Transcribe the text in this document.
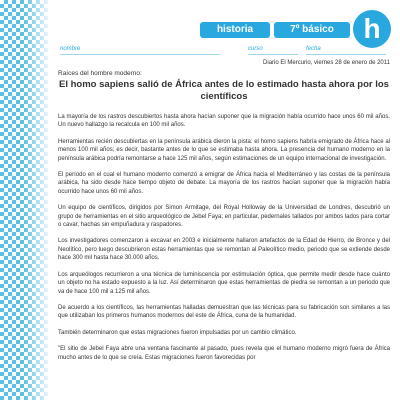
historia	7º básico	h
nombre	curso	fecha
Diario El Mercurio, viernes 28 de enero de 2011
Raíces del hombre moderno:
El homo sapiens salió de África antes de lo estimado hasta ahora por los científicos

La mayoría de los rastros descubiertos hasta ahora hacían suponer que la migración había ocurrido hace unos 60 mil años. Un nuevo hallazgo la recalcula en 100 mil años.

Herramientas recién descubiertas en la península arábica dieron la pista: el homo sapiens habría emigrado de África hace al menos 100 mil años; es decir, bastante antes de lo que se estimaba hasta ahora. La presencia del humano moderno en la península arábica podría remontarse a hace 125 mil años, según estimaciones de un equipo internacional de investigación.

El período en el cual el humano moderno comenzó a emigrar de África hacia el Mediterráneo y las costas de la península arábica, ha sido desde hace tiempo objeto de debate. La mayoría de los rastros hacían suponer que la migración había ocurrido hace unos 60 mil años.

Un equipo de científicos, dirigidos por Simon Armitage, del Royal Holloway de la Universidad de Londres, descubrió un grupo de herramientas en el sitio arqueológico de Jebel Faya; en particular, pedernales tallados por ambos lados para cortar o cavar, hachas sin empuñadura y raspadores.

Los investigadores comenzaron a excavar en 2003 e inicialmente hallaron artefactos de la Edad de Hierro, de Bronce y del Neolítico, pero luego descubrieron estas herramientas que se remontan al Paleolítico medio, periodo que se extiende desde hace 300 mil hasta hace 30.000 años.

Los arqueólogos recurrieron a una técnica de luminiscencia por estimulación óptica, que permite medir desde hace cuánto un objeto no ha estado expuesto a la luz. Así determinaron que estas herramientas de piedra se remontan a un periodo que va de hace 100 mil a 125 mil años.

De acuerdo a los científicos, las herramientas halladas demuestran que las técnicas para su fabricación son similares a las que utilizaban los primeros humanos modernos del este de África, cuna de la humanidad.

También determinaron que estas migraciones fueron impulsadas por un cambio climático.

"El sitio de Jebel Faya abre una ventana fascinante al pasado, pues revela que el humano moderno migró fuera de África mucho antes de lo que se creía. Estas migraciones fueron favorecidas por
